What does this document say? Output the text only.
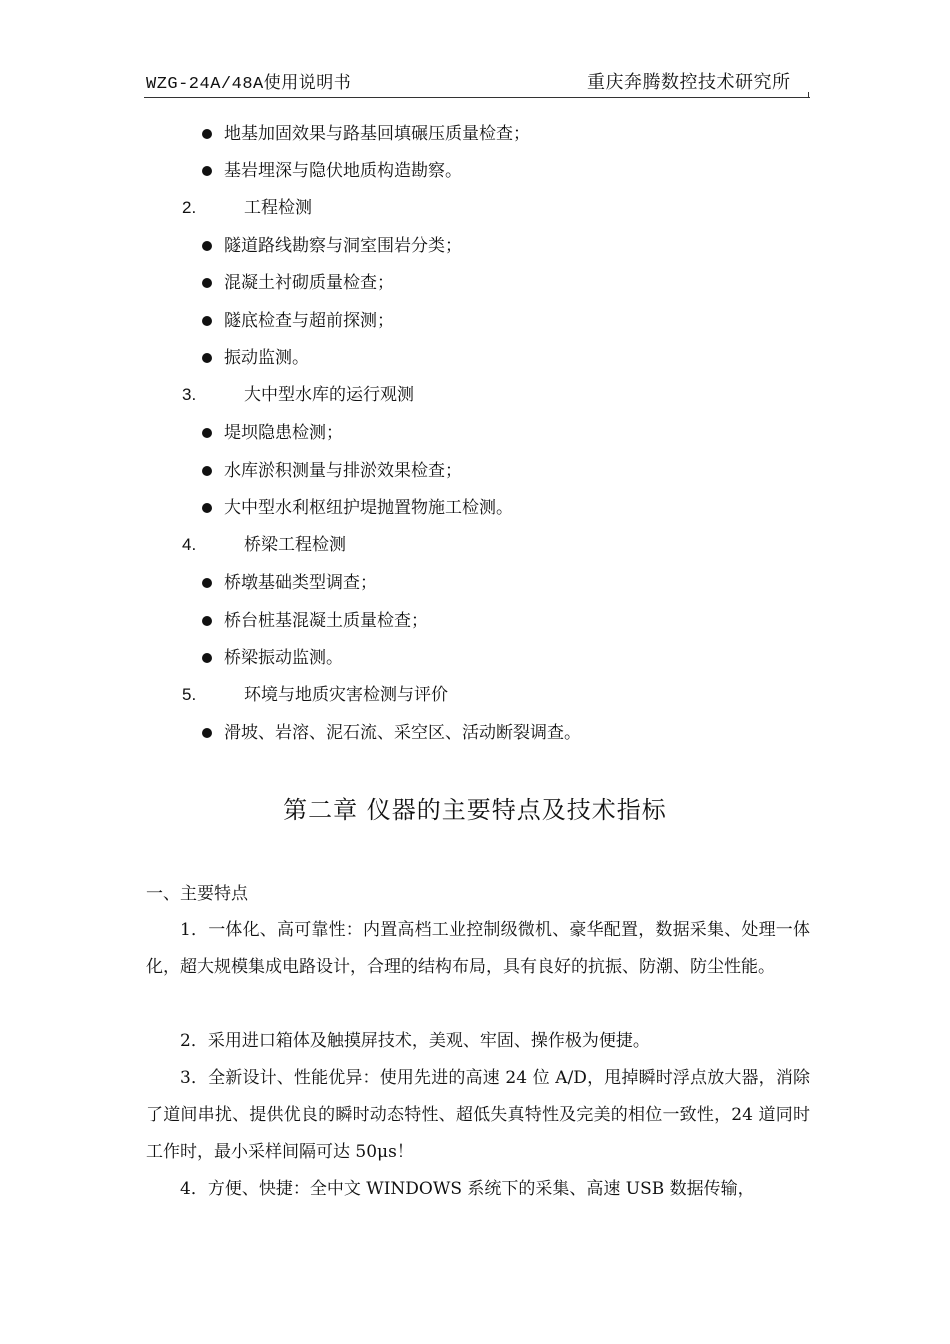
WZG-24A/48A使用说明书	重庆奔腾数控技术研究所
地基加固效果与路基回填碾压质量检查；
基岩埋深与隐伏地质构造勘察。
2.	工程检测
隧道路线勘察与洞室围岩分类；
混凝土衬砌质量检查；
隧底检查与超前探测；
振动监测。
3.	大中型水库的运行观测
堤坝隐患检测；
水库淤积测量与排淤效果检查；
大中型水利枢纽护堤抛置物施工检测。
4.	桥梁工程检测
桥墩基础类型调查；
桥台桩基混凝土质量检查；
桥梁振动监测。
5.	环境与地质灾害检测与评价
滑坡、岩溶、泥石流、采空区、活动断裂调查。
第二章 仪器的主要特点及技术指标
一、主要特点
1．一体化、高可靠性：内置高档工业控制级微机、豪华配置，数据采集、处理一体化，超大规模集成电路设计，合理的结构布局，具有良好的抗振、防潮、防尘性能。
2．采用进口箱体及触摸屏技术，美观、牢固、操作极为便捷。
3．全新设计、性能优异：使用先进的高速 24 位 A/D，甩掉瞬时浮点放大器，消除了道间串扰、提供优良的瞬时动态特性、超低失真特性及完美的相位一致性，24 道同时工作时，最小采样间隔可达 50μs！
4．方便、快捷：全中文 WINDOWS 系统下的采集、高速 USB 数据传输，
